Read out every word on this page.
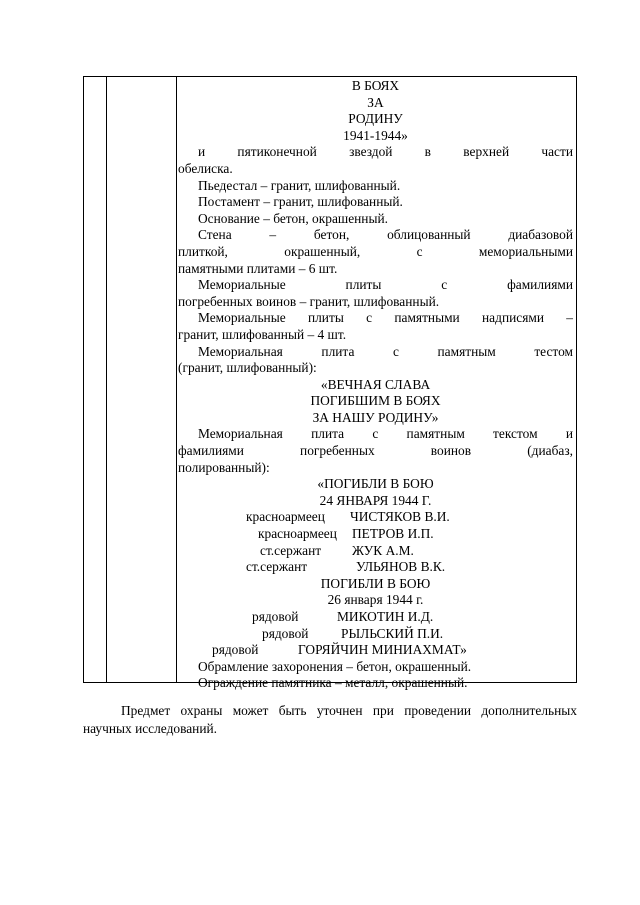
В БОЯХ
ЗА
РОДИНУ
1941-1944»
и пятиконечной звездой в верхней части
обелиска.
Пьедестал – гранит, шлифованный.
Постамент – гранит, шлифованный.
Основание – бетон, окрашенный.
Стена – бетон, облицованный диабазовой
плиткой, окрашенный, с мемориальными
памятными плитами – 6 шт.
Мемориальные плиты с фамилиями
погребенных воинов – гранит, шлифованный.
Мемориальные плиты с памятными надписями –
гранит, шлифованный – 4 шт.
Мемориальная плита с памятным тестом
(гранит, шлифованный):
«ВЕЧНАЯ СЛАВА
ПОГИБШИМ В БОЯХ
ЗА НАШУ РОДИНУ»
Мемориальная плита с памятным текстом и
фамилиями погребенных воинов (диабаз,
полированный):
«ПОГИБЛИ В БОЮ
24 ЯНВАРЯ 1944 Г.
красноармеец	ЧИСТЯКОВ В.И.
красноармеец	ПЕТРОВ И.П.
ст.сержант	ЖУК А.М.
ст.сержант	УЛЬЯНОВ В.К.
ПОГИБЛИ В БОЮ
26 января 1944 г.
рядовой	МИКОТИН И.Д.
рядовой	РЫЛЬСКИЙ П.И.
рядовой	ГОРЯЙЧИН МИНИАХМАТ»
Обрамление захоронения – бетон, окрашенный.
Ограждение памятника – металл, окрашенный.
Предмет охраны может быть уточнен при проведении дополнительных
научных исследований.
